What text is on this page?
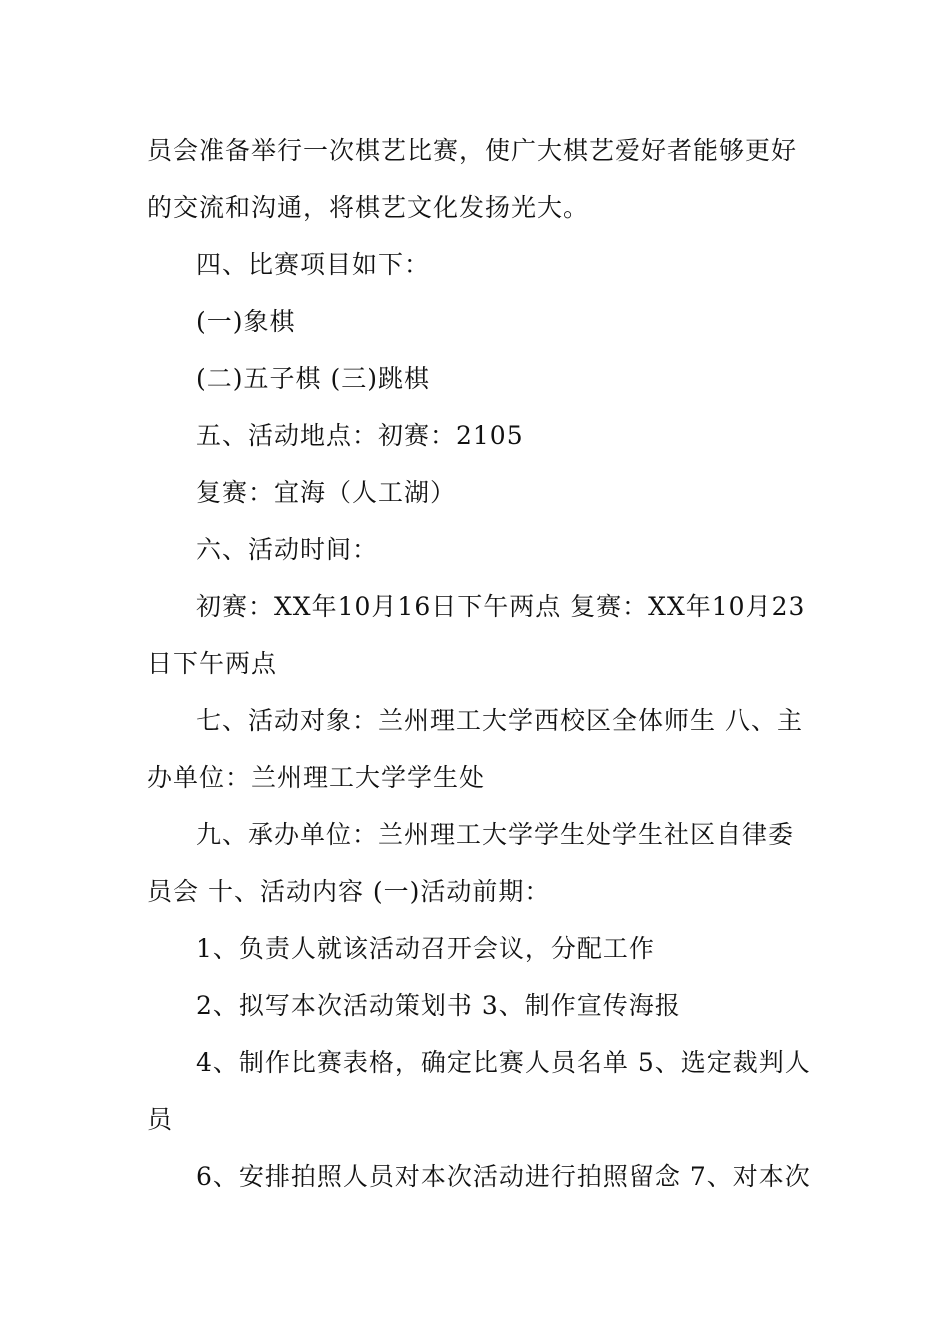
员会准备举行一次棋艺比赛，使广大棋艺爱好者能够更好
的交流和沟通，将棋艺文化发扬光大。
四、比赛项目如下：
(一)象棋
(二)五子棋 (三)跳棋
五、活动地点：初赛：2105
复赛：宜海（人工湖）
六、活动时间：
初赛：XX年10月16日下午两点 复赛：XX年10月23
日下午两点
七、活动对象：兰州理工大学西校区全体师生 八、主
办单位：兰州理工大学学生处
九、承办单位：兰州理工大学学生处学生社区自律委
员会 十、活动内容 (一)活动前期：
1、负责人就该活动召开会议，分配工作
2、拟写本次活动策划书 3、制作宣传海报
4、制作比赛表格，确定比赛人员名单 5、选定裁判人
员
6、安排拍照人员对本次活动进行拍照留念 7、对本次
